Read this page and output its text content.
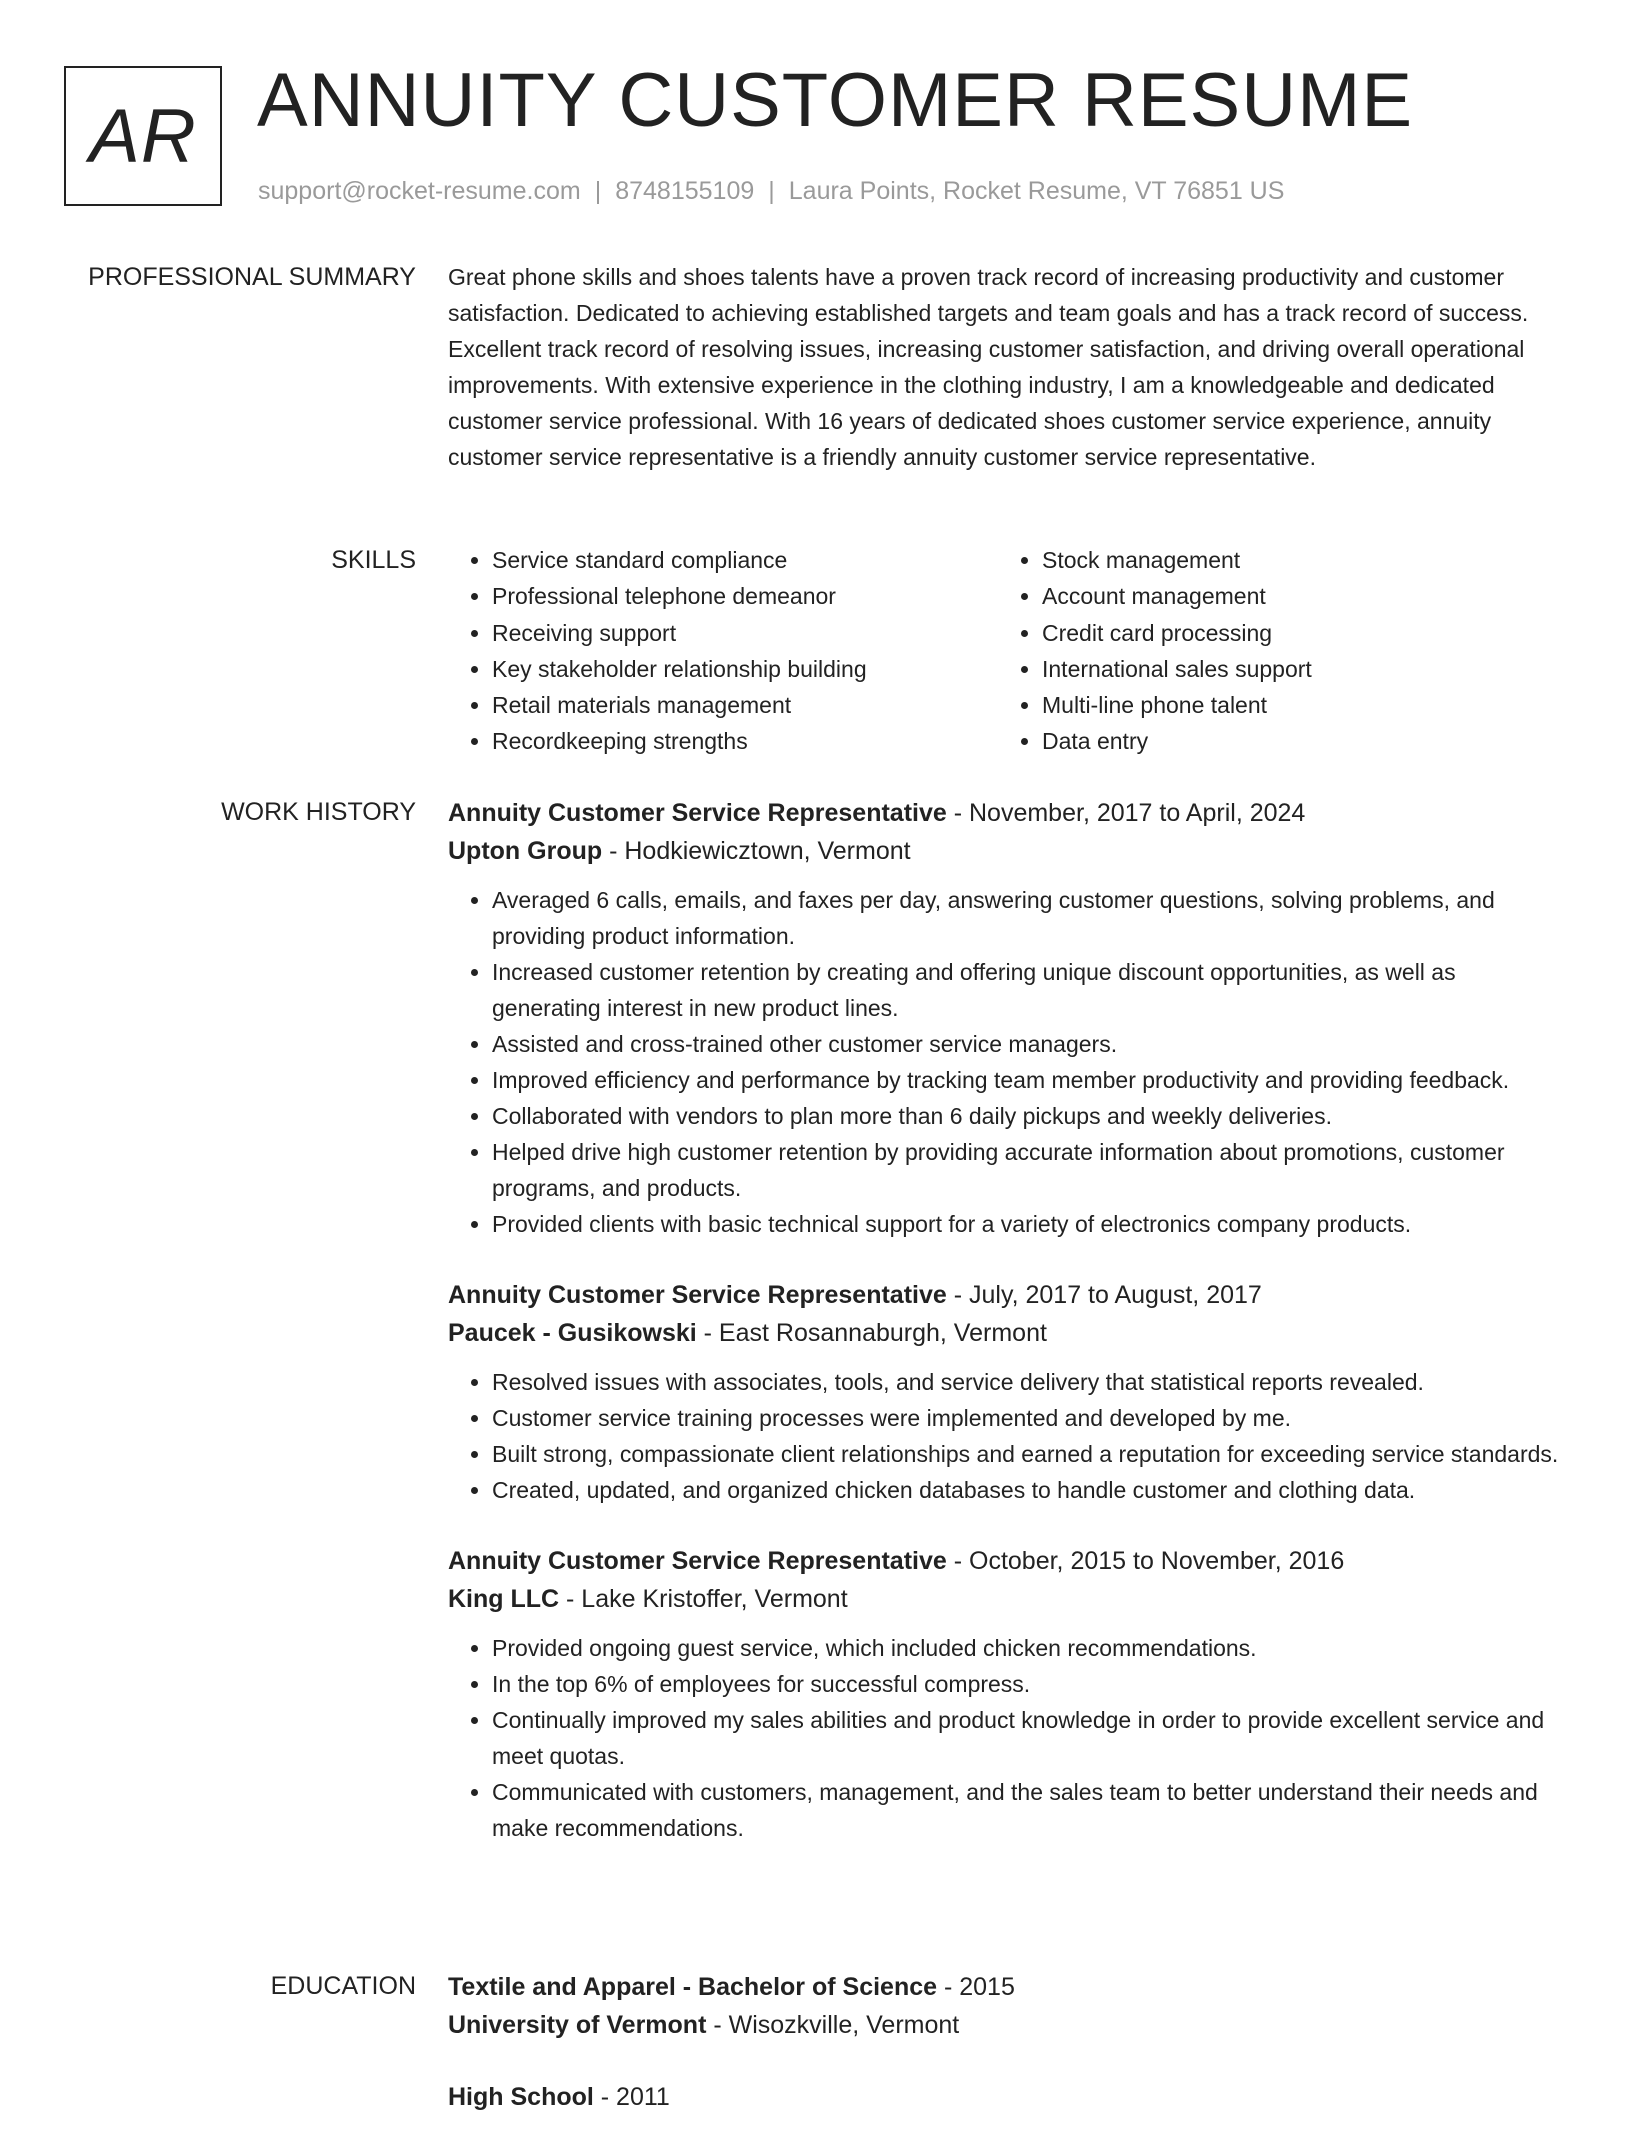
AR ANNUITY CUSTOMER RESUME
support@rocket-resume.com | 8748155109 | Laura Points, Rocket Resume, VT 76851 US
PROFESSIONAL SUMMARY Great phone skills and shoes talents have a proven track record of increasing productivity and customer satisfaction. Dedicated to achieving established targets and team goals and has a track record of success. Excellent track record of resolving issues, increasing customer satisfaction, and driving overall operational improvements. With extensive experience in the clothing industry, I am a knowledgeable and dedicated customer service professional. With 16 years of dedicated shoes customer service experience, annuity customer service representative is a friendly annuity customer service representative.

SKILLS
•	Service standard compliance
• Professional telephone demeanor
• Receiving support
• Key stakeholder relationship building
• Retail materials management
• Recordkeeping strengths
• Stock management
• Account management
• Credit card processing
• International sales support
• Multi-line phone talent
• Data entry
WORK HISTORY Annuity Customer Service Representative - November, 2017 to April, 2024
Upton Group - Hodkiewicztown, Vermont
• Averaged 6 calls, emails, and faxes per day, answering customer questions, solving problems, and providing product information.
• Increased customer retention by creating and offering unique discount opportunities, as well as generating interest in new product lines.
• Assisted and cross-trained other customer service managers.
• Improved efficiency and performance by tracking team member productivity and providing feedback.
• Collaborated with vendors to plan more than 6 daily pickups and weekly deliveries.
• Helped drive high customer retention by providing accurate information about promotions, customer programs, and products.
• Provided clients with basic technical support for a variety of electronics company products.
Annuity Customer Service Representative - July, 2017 to August, 2017
Paucek - Gusikowski - East Rosannaburgh, Vermont
• Resolved issues with associates, tools, and service delivery that statistical reports revealed.
• Customer service training processes were implemented and developed by me.
• Built strong, compassionate client relationships and earned a reputation for exceeding service standards.
• Created, updated, and organized chicken databases to handle customer and clothing data.
Annuity Customer Service Representative - October, 2015 to November, 2016
King LLC - Lake Kristoffer, Vermont
• Provided ongoing guest service, which included chicken recommendations.
• In the top 6% of employees for successful compress.
• Continually improved my sales abilities and product knowledge in order to provide excellent service and meet quotas.
• Communicated with customers, management, and the sales team to better understand their needs and make recommendations.
EDUCATION Textile and Apparel - Bachelor of Science - 2015
University of Vermont - Wisozkville, Vermont
High School - 2011
